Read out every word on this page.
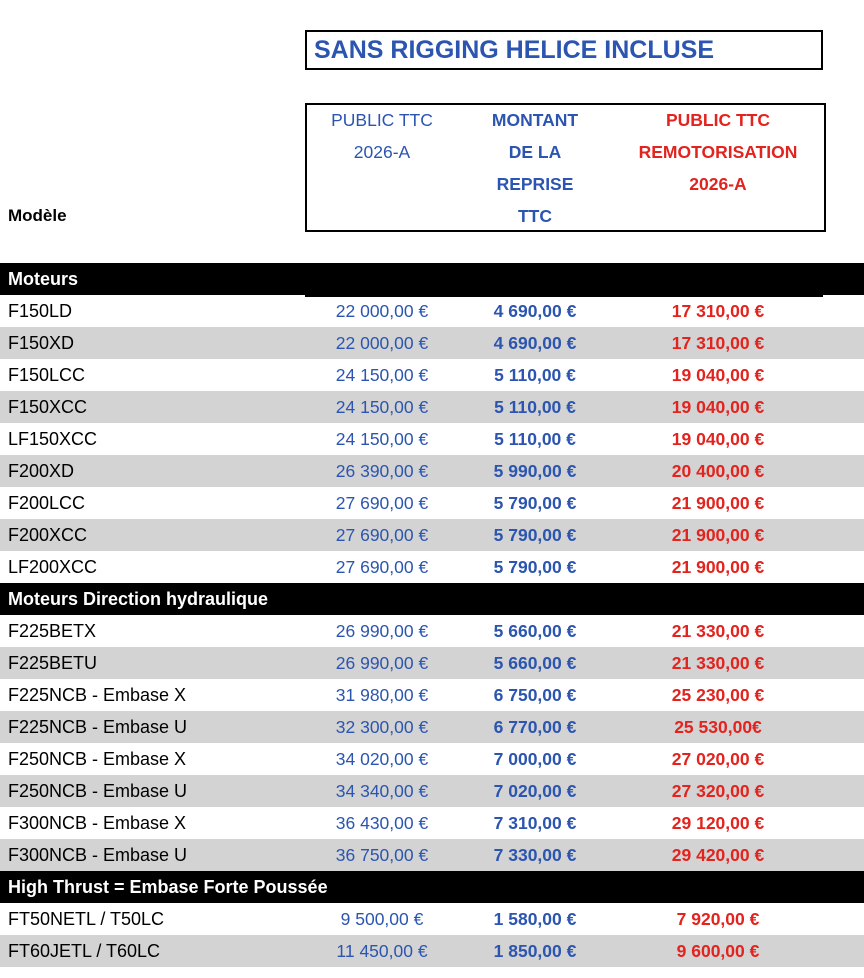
SANS RIGGING HELICE INCLUSE
PUBLIC TTC
2026-A
MONTANT
DE LA
REPRISE
TTC
PUBLIC TTC
REMOTORISATION
2026-A
Modèle
Moteurs
F150LD	22 000,00 €	4 690,00 €	17 310,00 €
F150XD	22 000,00 €	4 690,00 €	17 310,00 €
F150LCC	24 150,00 €	5 110,00 €	19 040,00 €
F150XCC	24 150,00 €	5 110,00 €	19 040,00 €
LF150XCC	24 150,00 €	5 110,00 €	19 040,00 €
F200XD	26 390,00 €	5 990,00 €	20 400,00 €
F200LCC	27 690,00 €	5 790,00 €	21 900,00 €
F200XCC	27 690,00 €	5 790,00 €	21 900,00 €
LF200XCC	27 690,00 €	5 790,00 €	21 900,00 €
Moteurs Direction hydraulique
F225BETX	26 990,00 €	5 660,00 €	21 330,00 €
F225BETU	26 990,00 €	5 660,00 €	21 330,00 €
F225NCB - Embase X	31 980,00 €	6 750,00 €	25 230,00 €
F225NCB - Embase U	32 300,00 €	6 770,00 €	25 530,00€
F250NCB - Embase X	34 020,00 €	7 000,00 €	27 020,00 €
F250NCB - Embase U	34 340,00 €	7 020,00 €	27 320,00 €
F300NCB - Embase X	36 430,00 €	7 310,00 €	29 120,00 €
F300NCB - Embase U	36 750,00 €	7 330,00 €	29 420,00 €
High Thrust = Embase Forte Poussée
FT50NETL / T50LC	9 500,00 €	1 580,00 €	7 920,00 €
FT60JETL / T60LC	11 450,00 €	1 850,00 €	9 600,00 €
